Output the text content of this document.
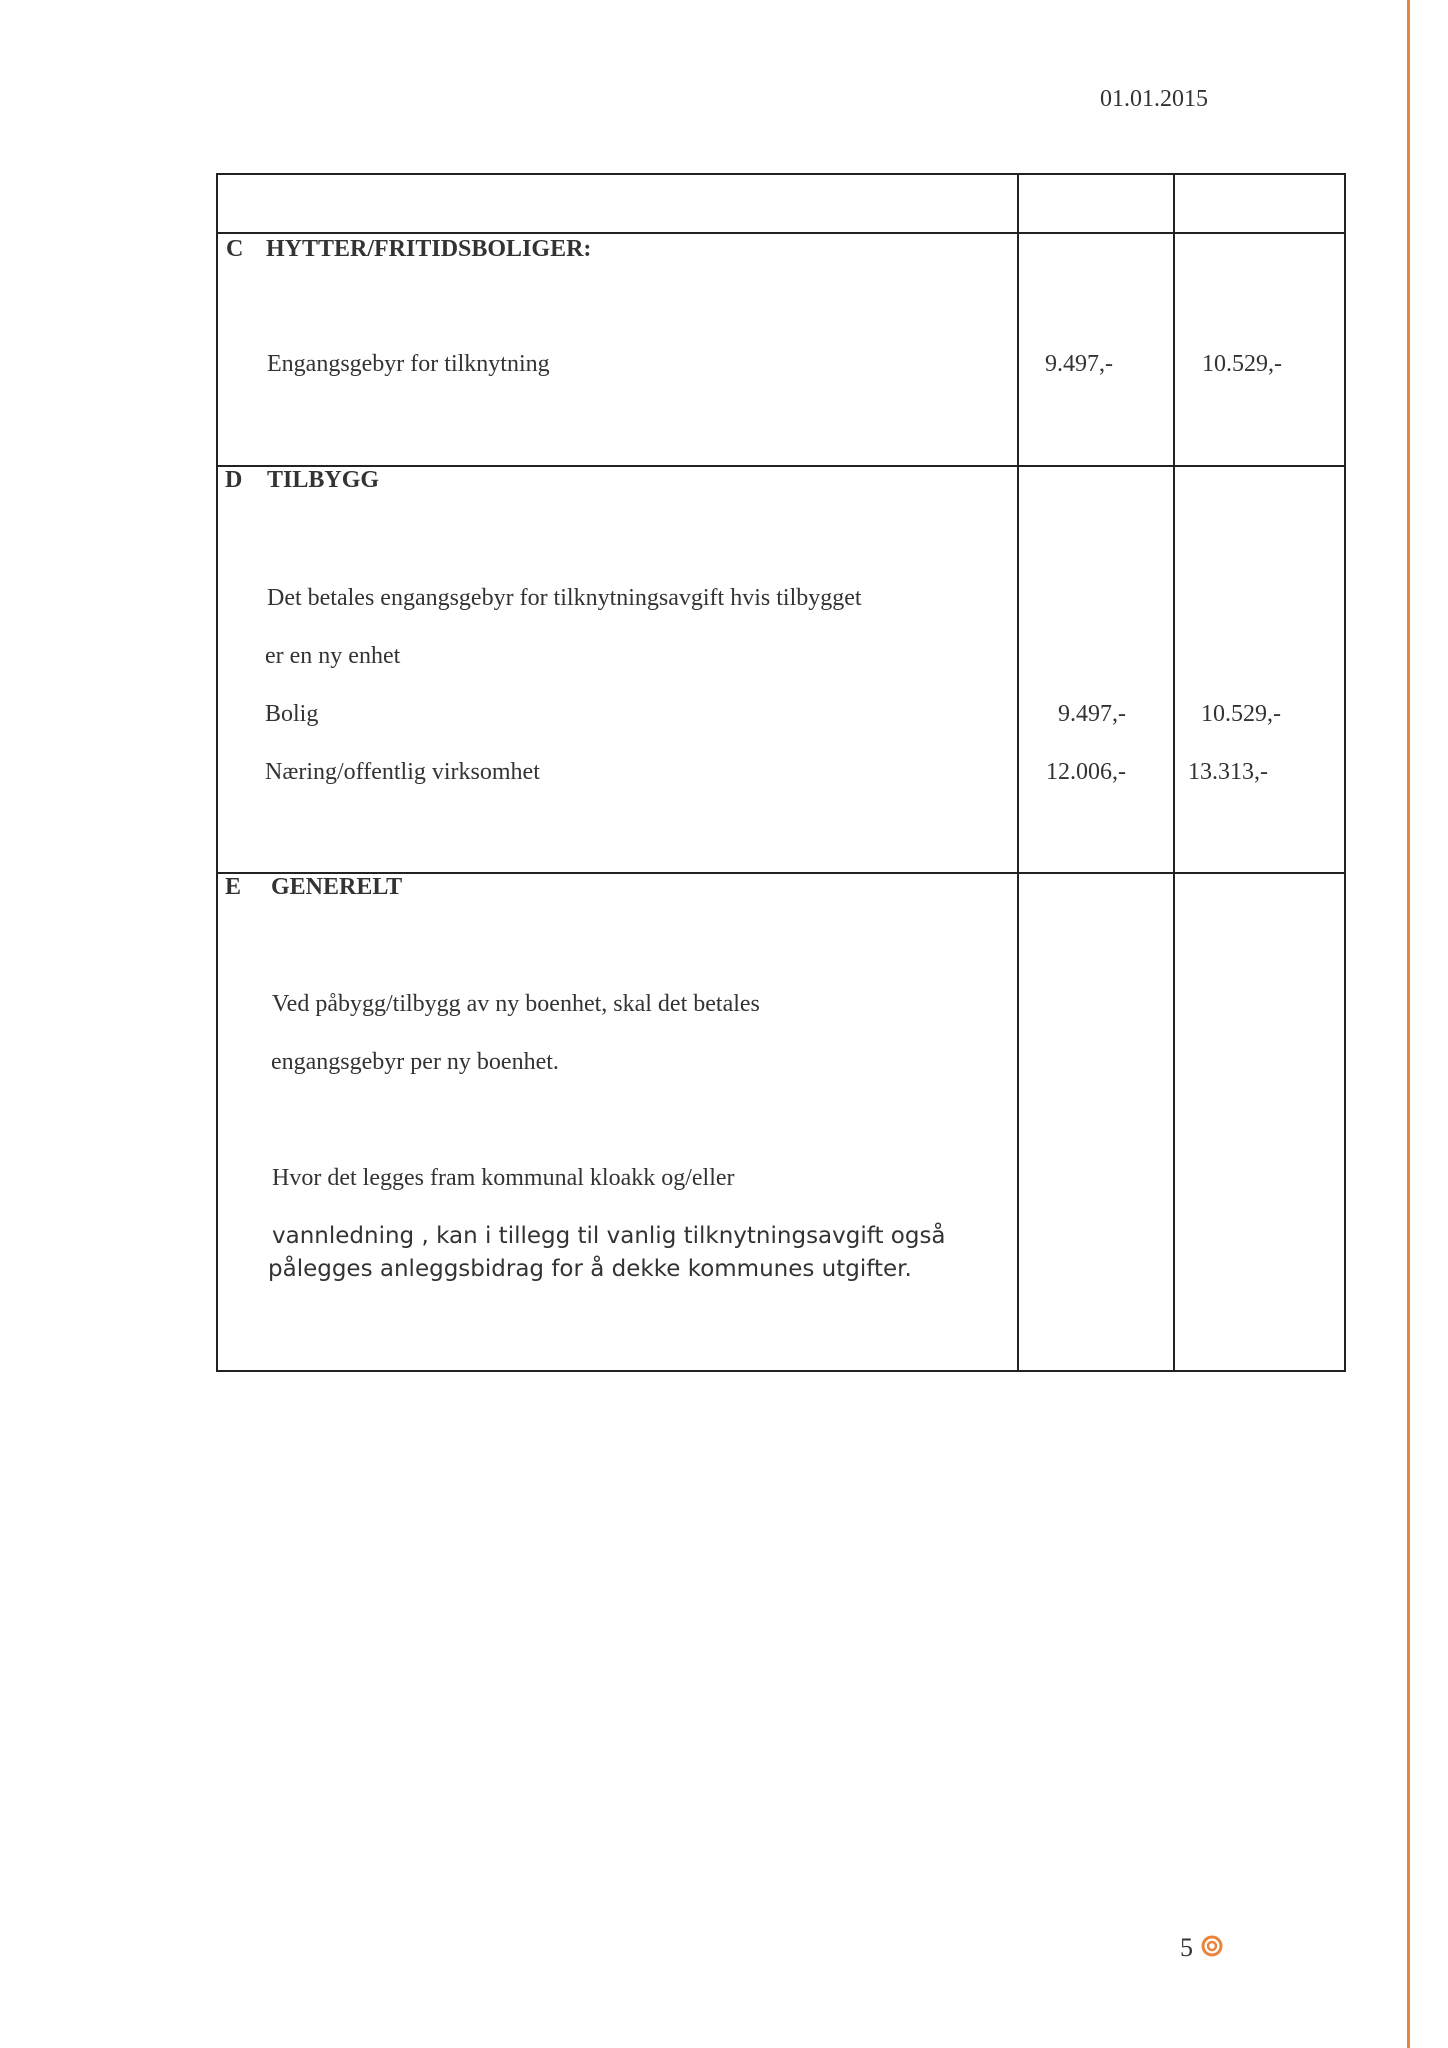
01.01.2015
C HYTTER/FRITIDSBOLIGER:
Engangsgebyr for tilknytning	9.497,-	10.529,-
D TILBYGG
Det betales engangsgebyr for tilknytningsavgift hvis tilbygget
er en ny enhet
Bolig	9.497,-	10.529,-
Næring/offentlig virksomhet	12.006,-	13.313,-
E GENERELT
Ved påbygg/tilbygg av ny boenhet, skal det betales
engangsgebyr per ny boenhet.
Hvor det legges fram kommunal kloakk og/eller
vannledning , kan i tillegg til vanlig tilknytningsavgift også
pålegges anleggsbidrag for å dekke kommunes utgifter.
5
